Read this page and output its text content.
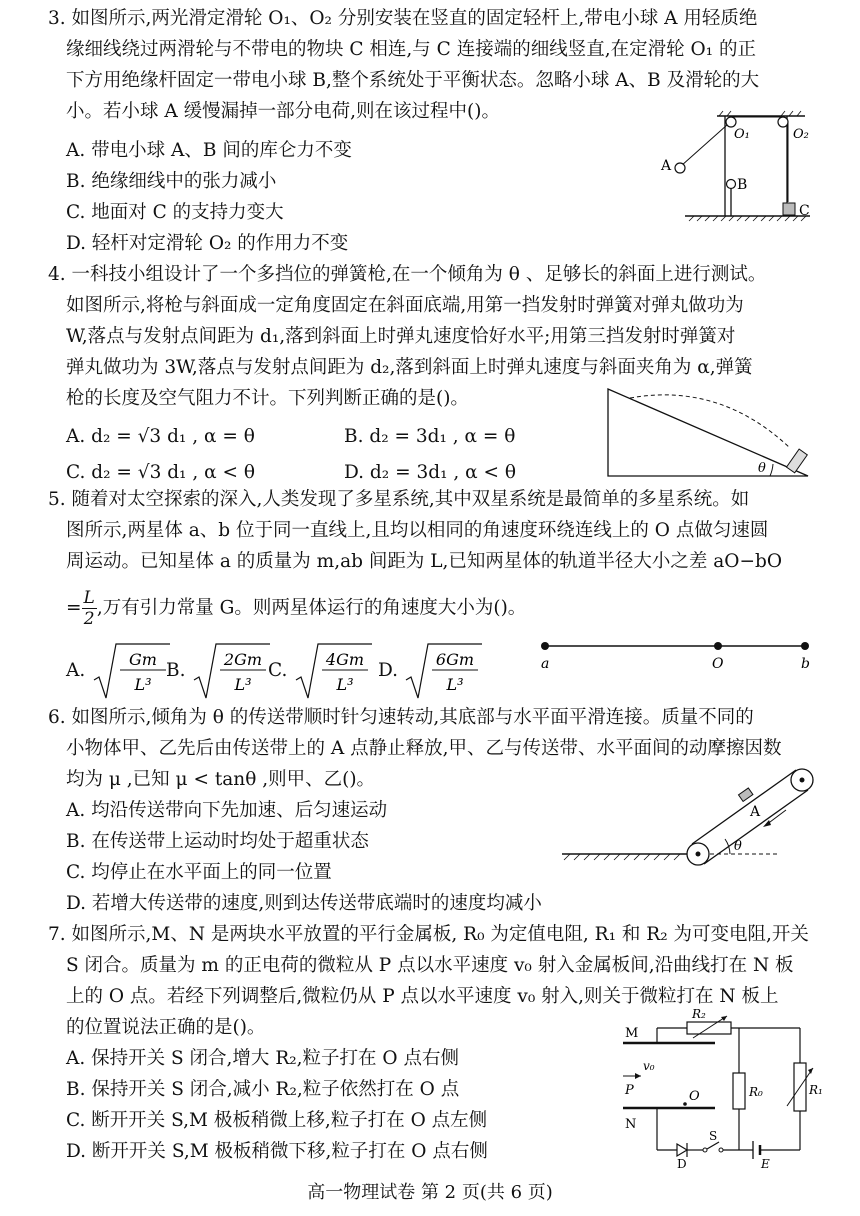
3. 如图所示,两光滑定滑轮 O₁、O₂ 分别安装在竖直的固定轻杆上,带电小球 A 用轻质绝
缘细线绕过两滑轮与不带电的物块 C 相连,与 C 连接端的细线竖直,在定滑轮 O₁ 的正
下方用绝缘杆固定一带电小球 B,整个系统处于平衡状态。忽略小球 A、B 及滑轮的大
小。若小球 A 缓慢漏掉一部分电荷,则在该过程中()。
A. 带电小球 A、B 间的库仑力不变
B. 绝缘细线中的张力减小
C. 地面对 C 的支持力变大
D. 轻杆对定滑轮 O₂ 的作用力不变
O₁	O₂
A
B
C
4. 一科技小组设计了一个多挡位的弹簧枪,在一个倾角为 θ 、足够长的斜面上进行测试。
如图所示,将枪与斜面成一定角度固定在斜面底端,用第一挡发射时弹簧对弹丸做功为
W,落点与发射点间距为 d₁,落到斜面上时弹丸速度恰好水平;用第三挡发射时弹簧对
弹丸做功为 3W,落点与发射点间距为 d₂,落到斜面上时弹丸速度与斜面夹角为 α,弹簧
枪的长度及空气阻力不计。下列判断正确的是()。
A. d₂ = √3 d₁ , α = θ	B. d₂ = 3d₁ , α = θ
C. d₂ = √3 d₁ , α < θ	D. d₂ = 3d₁ , α < θ	θ
5. 随着对太空探索的深入,人类发现了多星系统,其中双星系统是最简单的多星系统。如
图所示,两星体 a、b 位于同一直线上,且均以相同的角速度环绕连线上的 O 点做匀速圆
周运动。已知星体 a 的质量为 m,ab 间距为 L,已知两星体的轨道半径大小之差 aO−bO
= $\frac{L}{2}$ ,万有引力常量 G。则两星体运行的角速度大小为()。
A.
Gm
L³
B.
2Gm
L³
C.
4Gm
L³
D.
6Gm
L³
a	O	b
6. 如图所示,倾角为 θ 的传送带顺时针匀速转动,其底部与水平面平滑连接。质量不同的
小物体甲、乙先后由传送带上的 A 点静止释放,甲、乙与传送带、水平面间的动摩擦因数
均为 μ ,已知 μ < tanθ ,则甲、乙()。
A. 均沿传送带向下先加速、后匀速运动
B. 在传送带上运动时均处于超重状态
C. 均停止在水平面上的同一位置
D. 若增大传送带的速度,则到达传送带底端时的速度均减小
θ
A
7. 如图所示,M、N 是两块水平放置的平行金属板, R₀ 为定值电阻, R₁ 和 R₂ 为可变电阻,开关
S 闭合。质量为 m 的正电荷的微粒从 P 点以水平速度 v₀ 射入金属板间,沿曲线打在 N 板
上的 O 点。若经下列调整后,微粒仍从 P 点以水平速度 v₀ 射入,则关于微粒打在 N 板上
的位置说法正确的是()。
A. 保持开关 S 闭合,增大 R₂,粒子打在 O 点右侧
B. 保持开关 S 闭合,减小 R₂,粒子依然打在 O 点
C. 断开开关 S,M 极板稍微上移,粒子打在 O 点左侧
D. 断开开关 S,M 极板稍微下移,粒子打在 O 点右侧
R₂
M
v₀
P	O
N
R₀	R₁
D
S
E
高一物理试卷 第 2 页(共 6 页)
